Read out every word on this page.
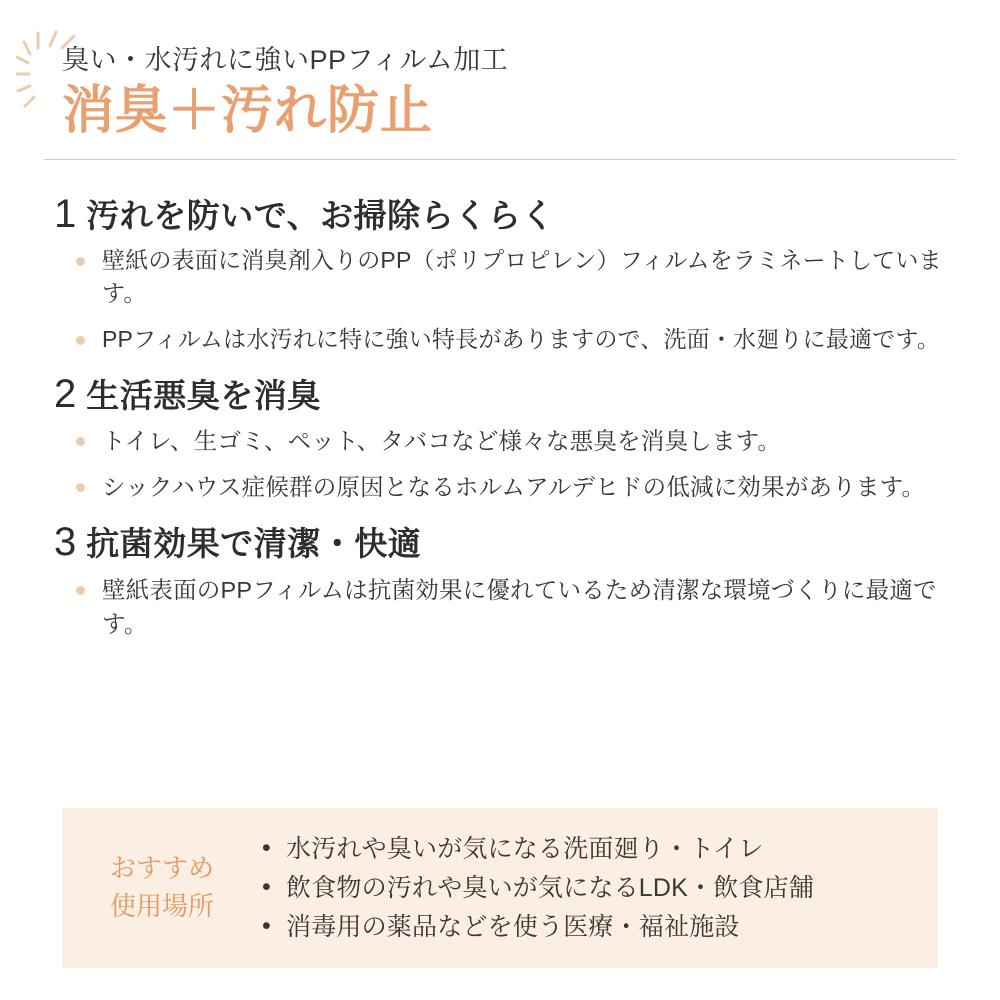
臭い・水汚れに強いPPフィルム加工
消臭＋汚れ防止
1 汚れを防いで、お掃除らくらく
壁紙の表面に消臭剤入りのPP（ポリプロピレン）フィルムをラミネートしています。
PPフィルムは水汚れに特に強い特長がありますので、洗面・水廻りに最適です。
2 生活悪臭を消臭
トイレ、生ゴミ、ペット、タバコなど様々な悪臭を消臭します。
シックハウス症候群の原因となるホルムアルデヒドの低減に効果があります。
3 抗菌効果で清潔・快適
壁紙表面のPPフィルムは抗菌効果に優れているため清潔な環境づくりに最適です。
おすすめ
使用場所
• 水汚れや臭いが気になる洗面廻り・トイレ
• 飲食物の汚れや臭いが気になるLDK・飲食店舗
• 消毒用の薬品などを使う医療・福祉施設
